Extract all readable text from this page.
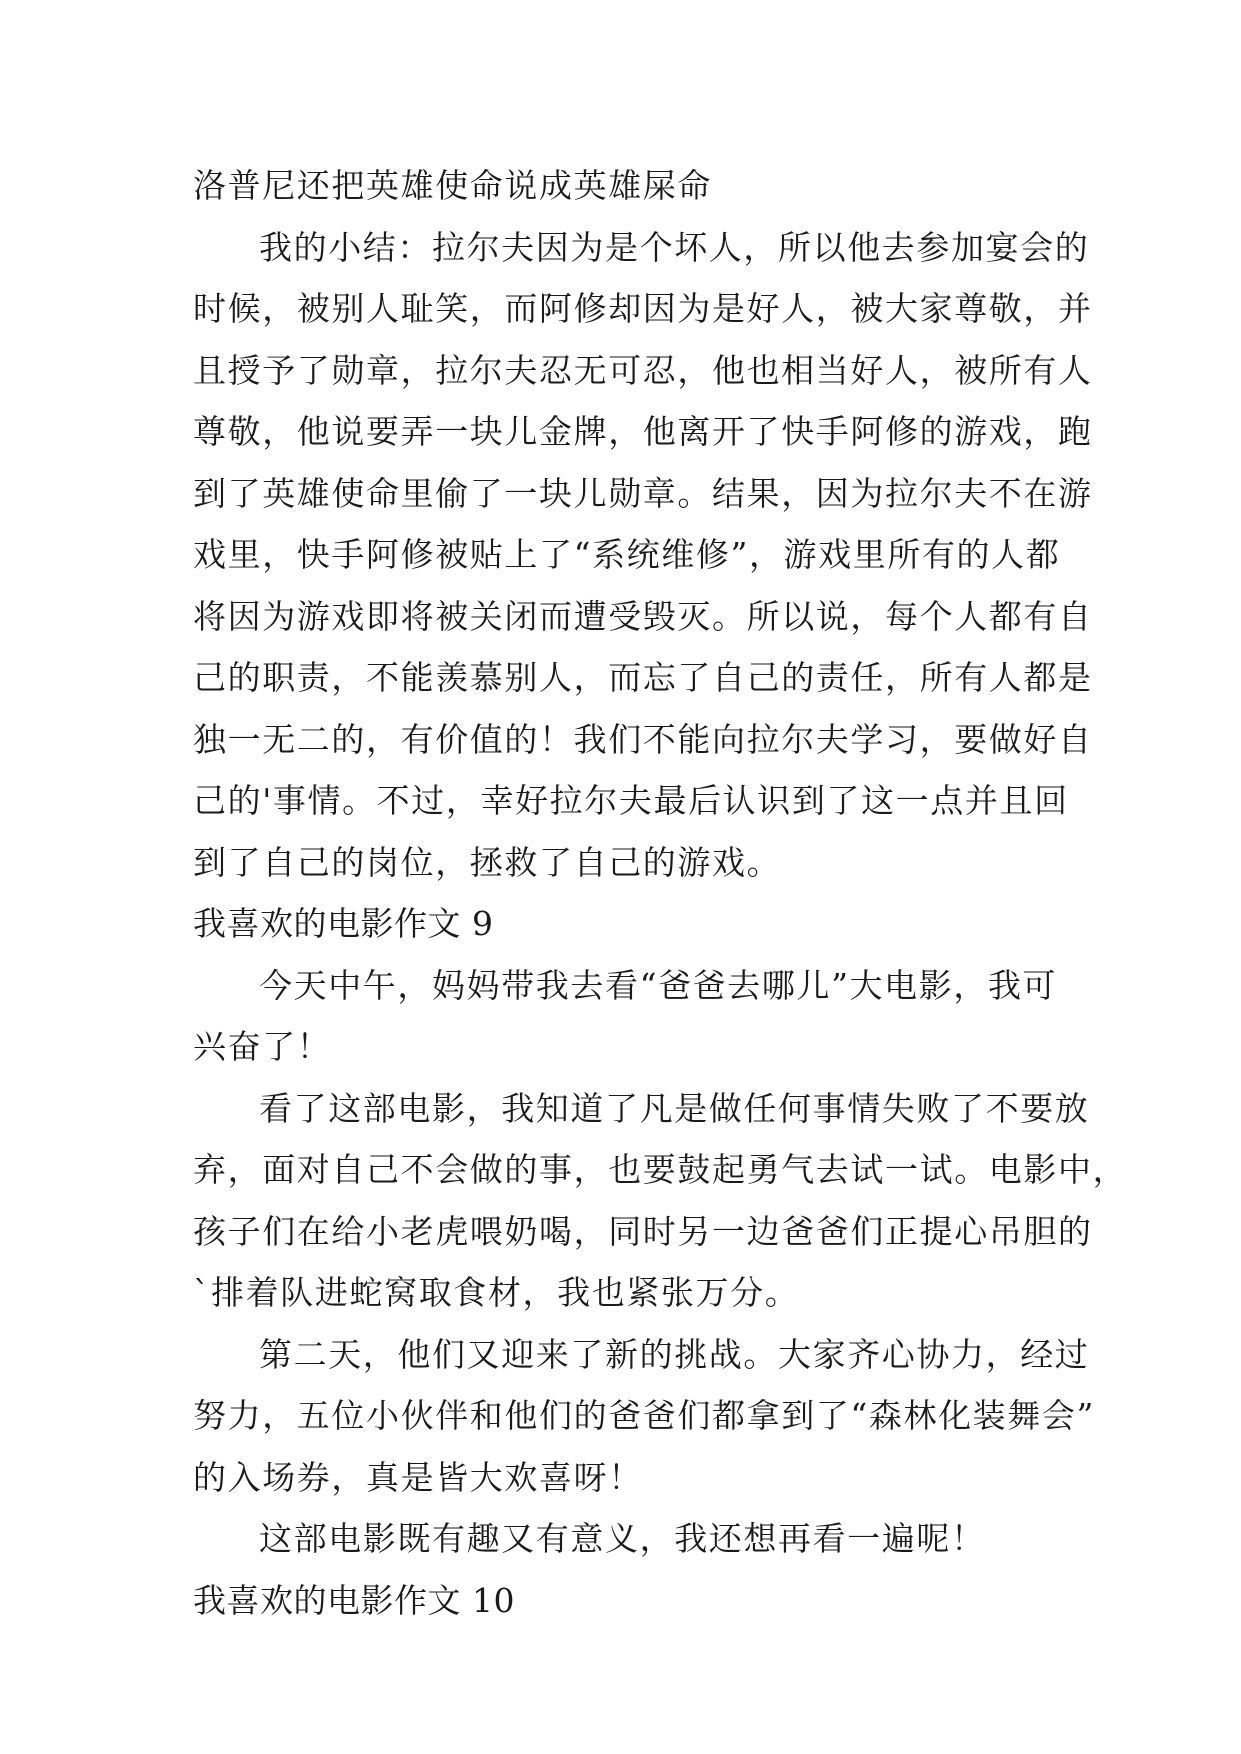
洛普尼还把英雄使命说成英雄屎命
我的小结：拉尔夫因为是个坏人，所以他去参加宴会的
时候，被别人耻笑，而阿修却因为是好人，被大家尊敬，并
且授予了勋章，拉尔夫忍无可忍，他也相当好人，被所有人
尊敬，他说要弄一块儿金牌，他离开了快手阿修的游戏，跑
到了英雄使命里偷了一块儿勋章。结果，因为拉尔夫不在游
戏里，快手阿修被贴上了“系统维修”，游戏里所有的人都
将因为游戏即将被关闭而遭受毁灭。所以说，每个人都有自
己的职责，不能羡慕别人，而忘了自己的责任，所有人都是
独一无二的，有价值的！我们不能向拉尔夫学习，要做好自
己的'事情。不过，幸好拉尔夫最后认识到了这一点并且回
到了自己的岗位，拯救了自己的游戏。
我喜欢的电影作文 9
今天中午，妈妈带我去看“爸爸去哪儿”大电影，我可
兴奋了！
看了这部电影，我知道了凡是做任何事情失败了不要放
弃，面对自己不会做的事，也要鼓起勇气去试一试。电影中，
孩子们在给小老虎喂奶喝，同时另一边爸爸们正提心吊胆的
`排着队进蛇窝取食材，我也紧张万分。
第二天，他们又迎来了新的挑战。大家齐心协力，经过
努力，五位小伙伴和他们的爸爸们都拿到了“森林化装舞会”
的入场券，真是皆大欢喜呀！
这部电影既有趣又有意义，我还想再看一遍呢！
我喜欢的电影作文 10
